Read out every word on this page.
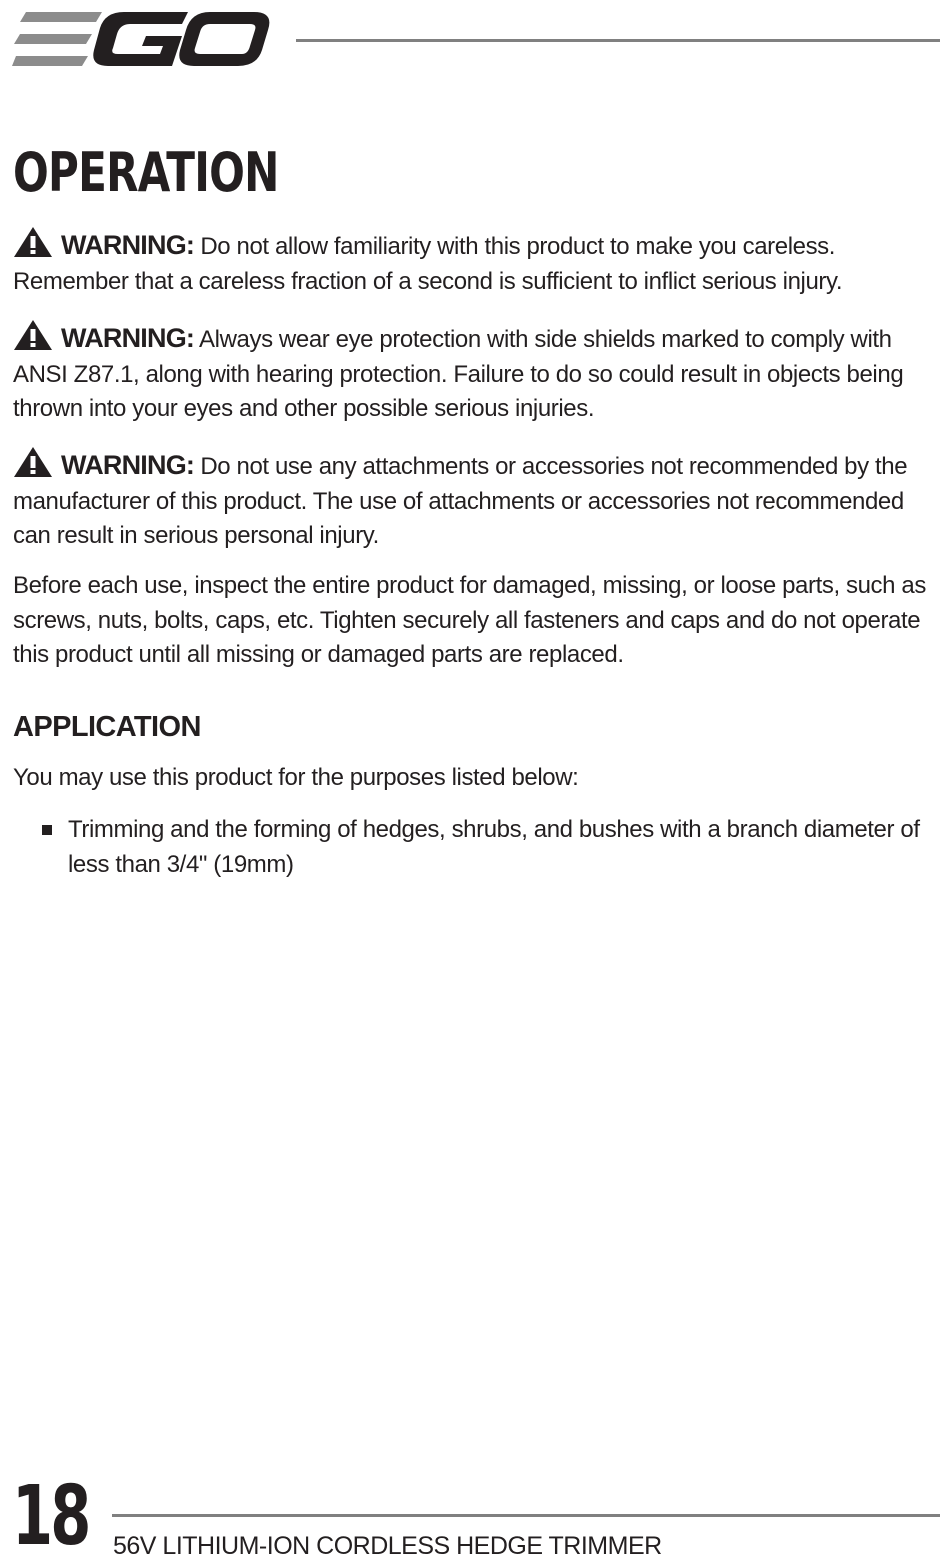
OPERATION

WARNING: Do not allow familiarity with this product to make you careless. Remember that a careless fraction of a second is sufficient to inflict serious injury.

WARNING: Always wear eye protection with side shields marked to comply with ANSI Z87.1, along with hearing protection. Failure to do so could result in objects being thrown into your eyes and other possible serious injuries.

WARNING: Do not use any attachments or accessories not recommended by the manufacturer of this product. The use of attachments or accessories not recommended can result in serious personal injury.

Before each use, inspect the entire product for damaged, missing, or loose parts, such as screws, nuts, bolts, caps, etc. Tighten securely all fasteners and caps and do not operate this product until all missing or damaged parts are replaced.

APPLICATION

You may use this product for the purposes listed below:

Trimming and the forming of hedges, shrubs, and bushes with a branch diameter of less than 3/4" (19mm)
18 56V LITHIUM-ION CORDLESS HEDGE TRIMMER
